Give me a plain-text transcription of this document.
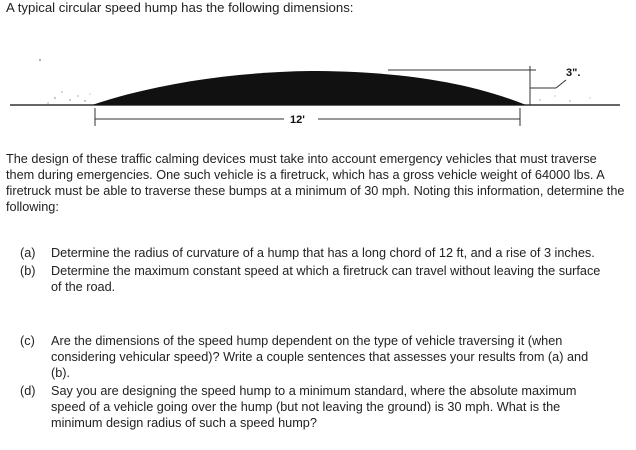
A typical circular speed hump has the following dimensions:

3".
12'

The design of these traffic calming devices must take into account emergency vehicles that must traverse them during emergencies. One such vehicle is a firetruck, which has a gross vehicle weight of 64000 lbs. A firetruck must be able to traverse these bumps at a minimum of 30 mph. Noting this information, determine the following:

(a) Determine the radius of curvature of a hump that has a long chord of 12 ft, and a rise of 3 inches.
(b) Determine the maximum constant speed at which a firetruck can travel without leaving the surface of the road.
(c) Are the dimensions of the speed hump dependent on the type of vehicle traversing it (when considering vehicular speed)? Write a couple sentences that assesses your results from (a) and (b).
(d) Say you are designing the speed hump to a minimum standard, where the absolute maximum speed of a vehicle going over the hump (but not leaving the ground) is 30 mph. What is the minimum design radius of such a speed hump?
